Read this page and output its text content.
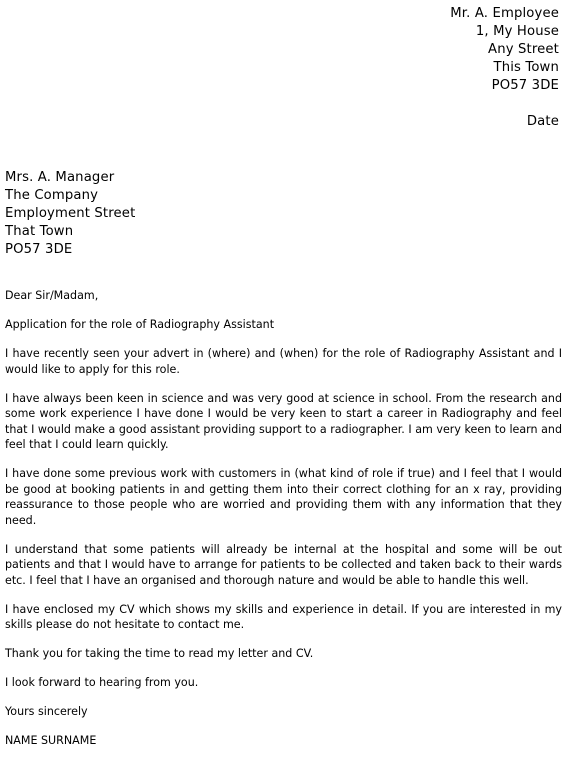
Mr. A. Employee
1, My House
Any Street
This Town
PO57 3DE
Date
Mrs. A. Manager
The Company
Employment Street
That Town
PO57 3DE

Dear Sir/Madam,

Application for the role of Radiography Assistant

I have recently seen your advert in (where) and (when) for the role of Radiography Assistant and I would like to apply for this role.

I have always been keen in science and was very good at science in school. From the research and some work experience I have done I would be very keen to start a career in Radiography and feel that I would make a good assistant providing support to a radiographer. I am very keen to learn and feel that I could learn quickly.

I have done some previous work with customers in (what kind of role if true) and I feel that I would be good at booking patients in and getting them into their correct clothing for an x ray, providing reassurance to those people who are worried and providing them with any information that they need.

I understand that some patients will already be internal at the hospital and some will be out patients and that I would have to arrange for patients to be collected and taken back to their wards etc. I feel that I have an organised and thorough nature and would be able to handle this well.

I have enclosed my CV which shows my skills and experience in detail. If you are interested in my skills please do not hesitate to contact me.

Thank you for taking the time to read my letter and CV.

I look forward to hearing from you.

Yours sincerely

NAME SURNAME
